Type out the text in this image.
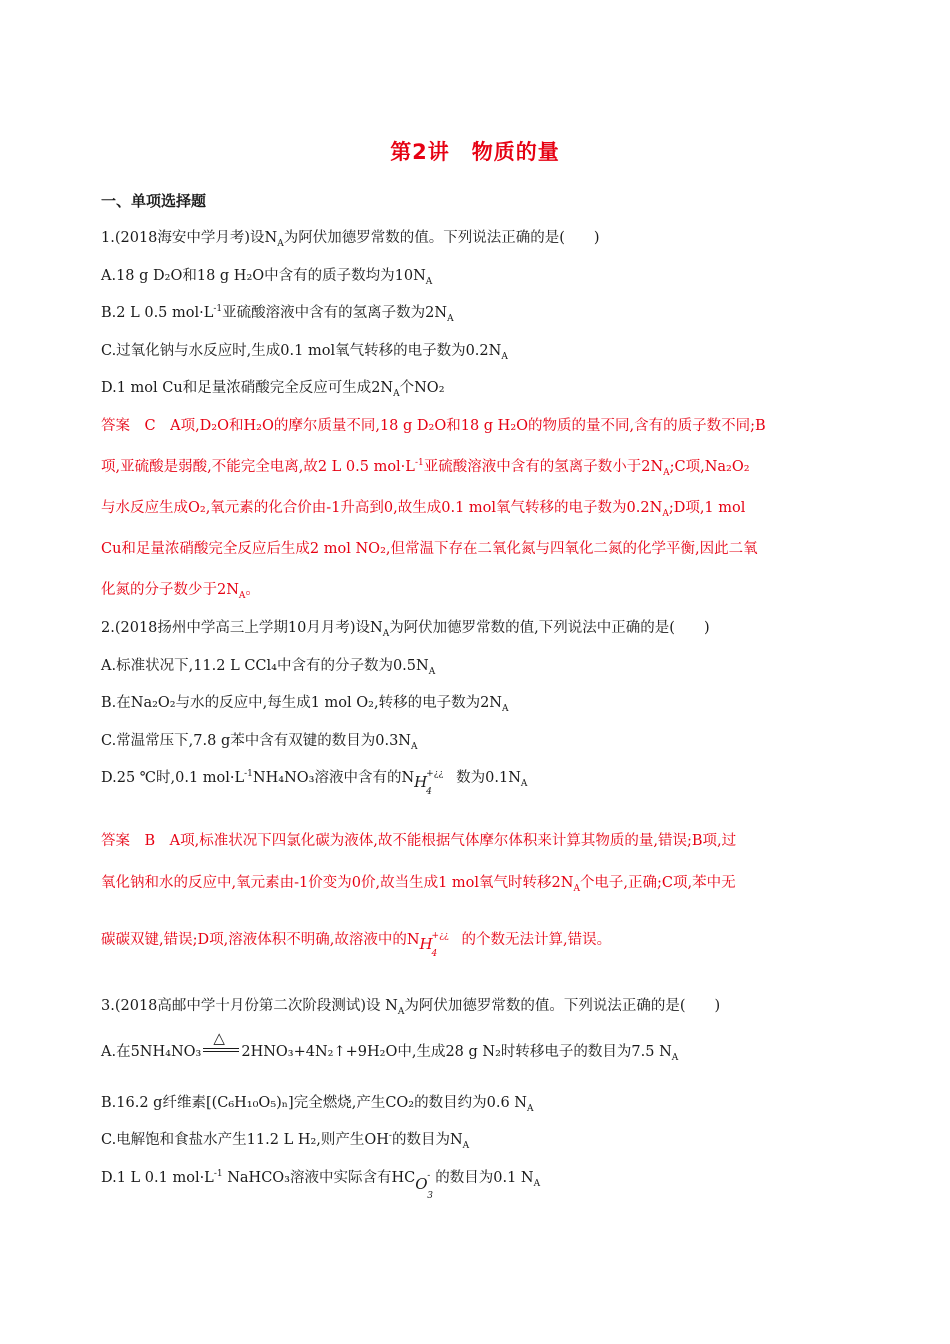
第2讲　物质的量
一、单项选择题
1.(2018海安中学月考)设$N_A$为阿伏加德罗常数的值。下列说法正确的是(　　)
A.18 g D₂O和18 g H₂O中含有的质子数均为$10N_A$
B.2 L 0.5 $mol\cdot L^{-1}$亚硫酸溶液中含有的氢离子数为$2N_A$
C.过氧化钠与水反应时,生成0.1 mol氧气转移的电子数为$0.2N_A$
D.1 mol Cu和足量浓硝酸完全反应可生成$2N_A$个NO₂
答案　C　A项,D₂O和H₂O的摩尔质量不同,18 g D₂O和18 g H₂O的物质的量不同,含有的质子数不同;B
项,亚硫酸是弱酸,不能完全电离,故2 L 0.5 $mol\cdot L^{-1}$亚硫酸溶液中含有的氢离子数小于$2N_A;C$项,Na₂O₂
与水反应生成O₂,氧元素的化合价由-1升高到0,故生成0.1 mol氧气转移的电子数为$0.2N_A;D$项,1 mol
Cu和足量浓硝酸完全反应后生成2 mol NO₂,但常温下存在二氧化氮与四氧化二氮的化学平衡,因此二氧
化氮的分子数少于$2N_A$。
2.(2018扬州中学高三上学期10月月考)设$N_A$为阿伏加德罗常数的值,下列说法中正确的是(　　)
A.标准状况下,11.2 L CCl₄中含有的分子数为$0.5N_A$
B.在Na₂O₂与水的反应中,每生成1 mol O₂,转移的电子数为$2N_A$
C.常温常压下,7.8 g苯中含有双键的数目为$0.3N_A$
D.25 ℃时,0.1 $mol\cdot L^{-1}NH_4NO_3$溶液中含有的N H
+¿¿
4
数为$0.1N_A$
答案　B　A项,标准状况下四氯化碳为液体,故不能根据气体摩尔体积来计算其物质的量,错误;B项,过
氧化钠和水的反应中,氧元素由-1价变为0价,故当生成1 mol氧气时转移$2N_A$个电子,正确;C项,苯中无
碳碳双键,错误;D项,溶液体积不明确,故溶液中的N H
+¿¿
4
的个数无法计算,错误。
3.(2018高邮中学十月份第二次阶段测试)设 $N_A$为阿伏加德罗常数的值。下列说法正确的是(　　)
A.在5NH₄NO₃
△
2HNO₃+4N₂↑+9H₂O中,生成28 g N₂时转移电子的数目为7.5 $N_A$
B.16.2 g纤维素[(C₆H₁₀O₅)ₙ]完全燃烧,产生CO₂的数目约为0.6 $N_A$
C.电解饱和食盐水产生11.2 L H₂,则产生OH-的数目为$N_A$
D.1 L 0.1 $mol\cdot L^{-1}$ NaHCO₃溶液中实际含有HC O -
3
的数目为0.1 $N_A$
